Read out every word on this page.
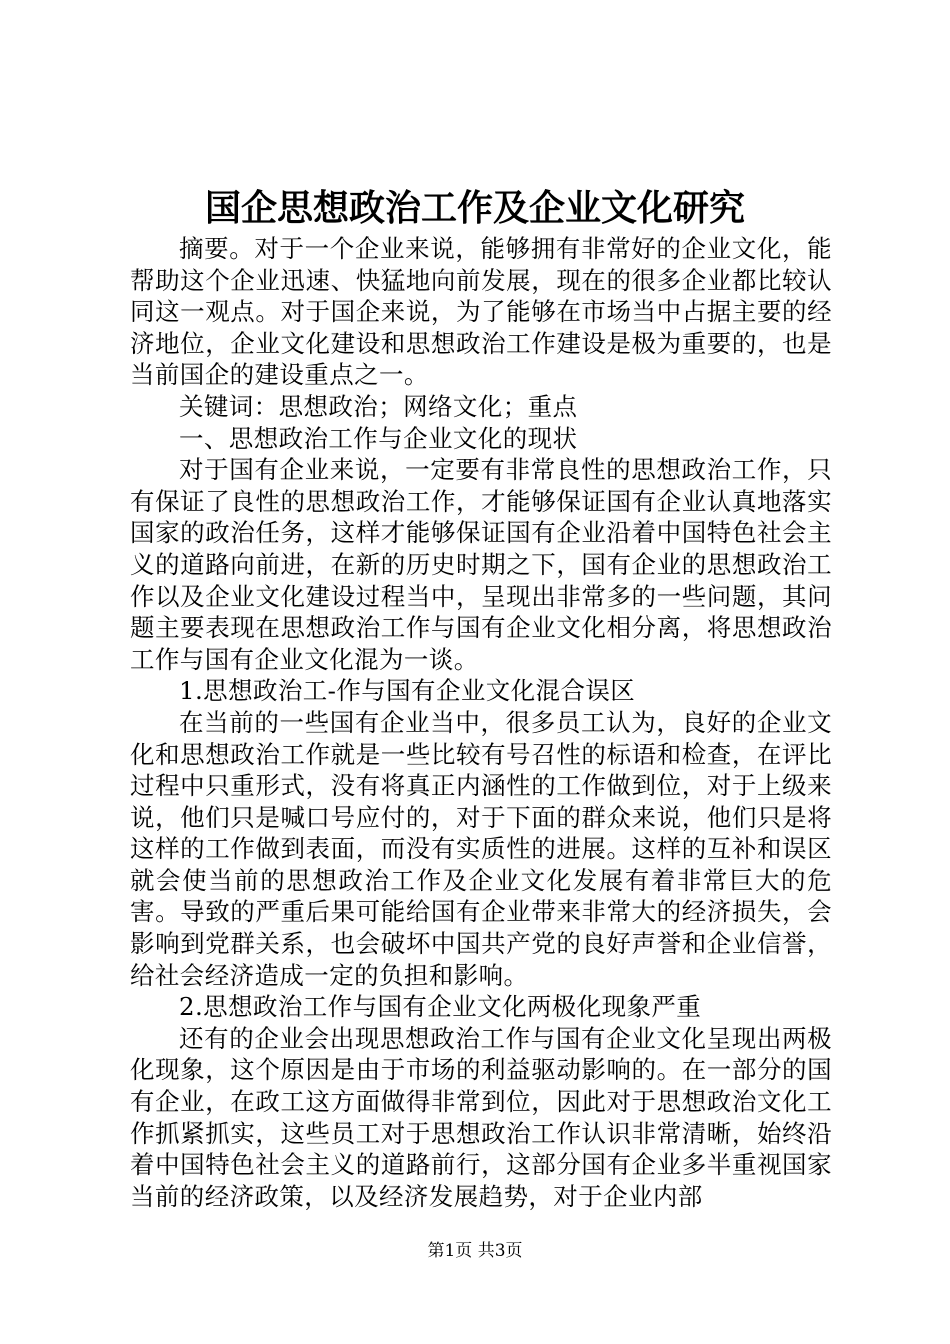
国企思想政治工作及企业文化研究

摘要。对于一个企业来说，能够拥有非常好的企业文化，能帮助这个企业迅速、快猛地向前发展，现在的很多企业都比较认同这一观点。对于国企来说，为了能够在市场当中占据主要的经济地位，企业文化建设和思想政治工作建设是极为重要的，也是当前国企的建设重点之一。

关键词：思想政治；网络文化；重点

一、思想政治工作与企业文化的现状

对于国有企业来说，一定要有非常良性的思想政治工作，只有保证了良性的思想政治工作，才能够保证国有企业认真地落实国家的政治任务，这样才能够保证国有企业沿着中国特色社会主义的道路向前进，在新的历史时期之下，国有企业的思想政治工作以及企业文化建设过程当中，呈现出非常多的一些问题，其问题主要表现在思想政治工作与国有企业文化相分离，将思想政治工作与国有企业文化混为一谈。

1.思想政治工-作与国有企业文化混合误区

在当前的一些国有企业当中，很多员工认为，良好的企业文化和思想政治工作就是一些比较有号召性的标语和检查，在评比过程中只重形式，没有将真正内涵性的工作做到位，对于上级来说，他们只是喊口号应付的，对于下面的群众来说，他们只是将这样的工作做到表面，而没有实质性的进展。这样的互补和误区就会使当前的思想政治工作及企业文化发展有着非常巨大的危害。导致的严重后果可能给国有企业带来非常大的经济损失，会影响到党群关系，也会破坏中国共产党的良好声誉和企业信誉，给社会经济造成一定的负担和影响。

2.思想政治工作与国有企业文化两极化现象严重

还有的企业会出现思想政治工作与国有企业文化呈现出两极化现象，这个原因是由于市场的利益驱动影响的。在一部分的国有企业，在政工这方面做得非常到位，因此对于思想政治文化工作抓紧抓实，这些员工对于思想政治工作认识非常清晰，始终沿着中国特色社会主义的道路前行，这部分国有企业多半重视国家当前的经济政策，以及经济发展趋势，对于企业内部

第1页 共3页
